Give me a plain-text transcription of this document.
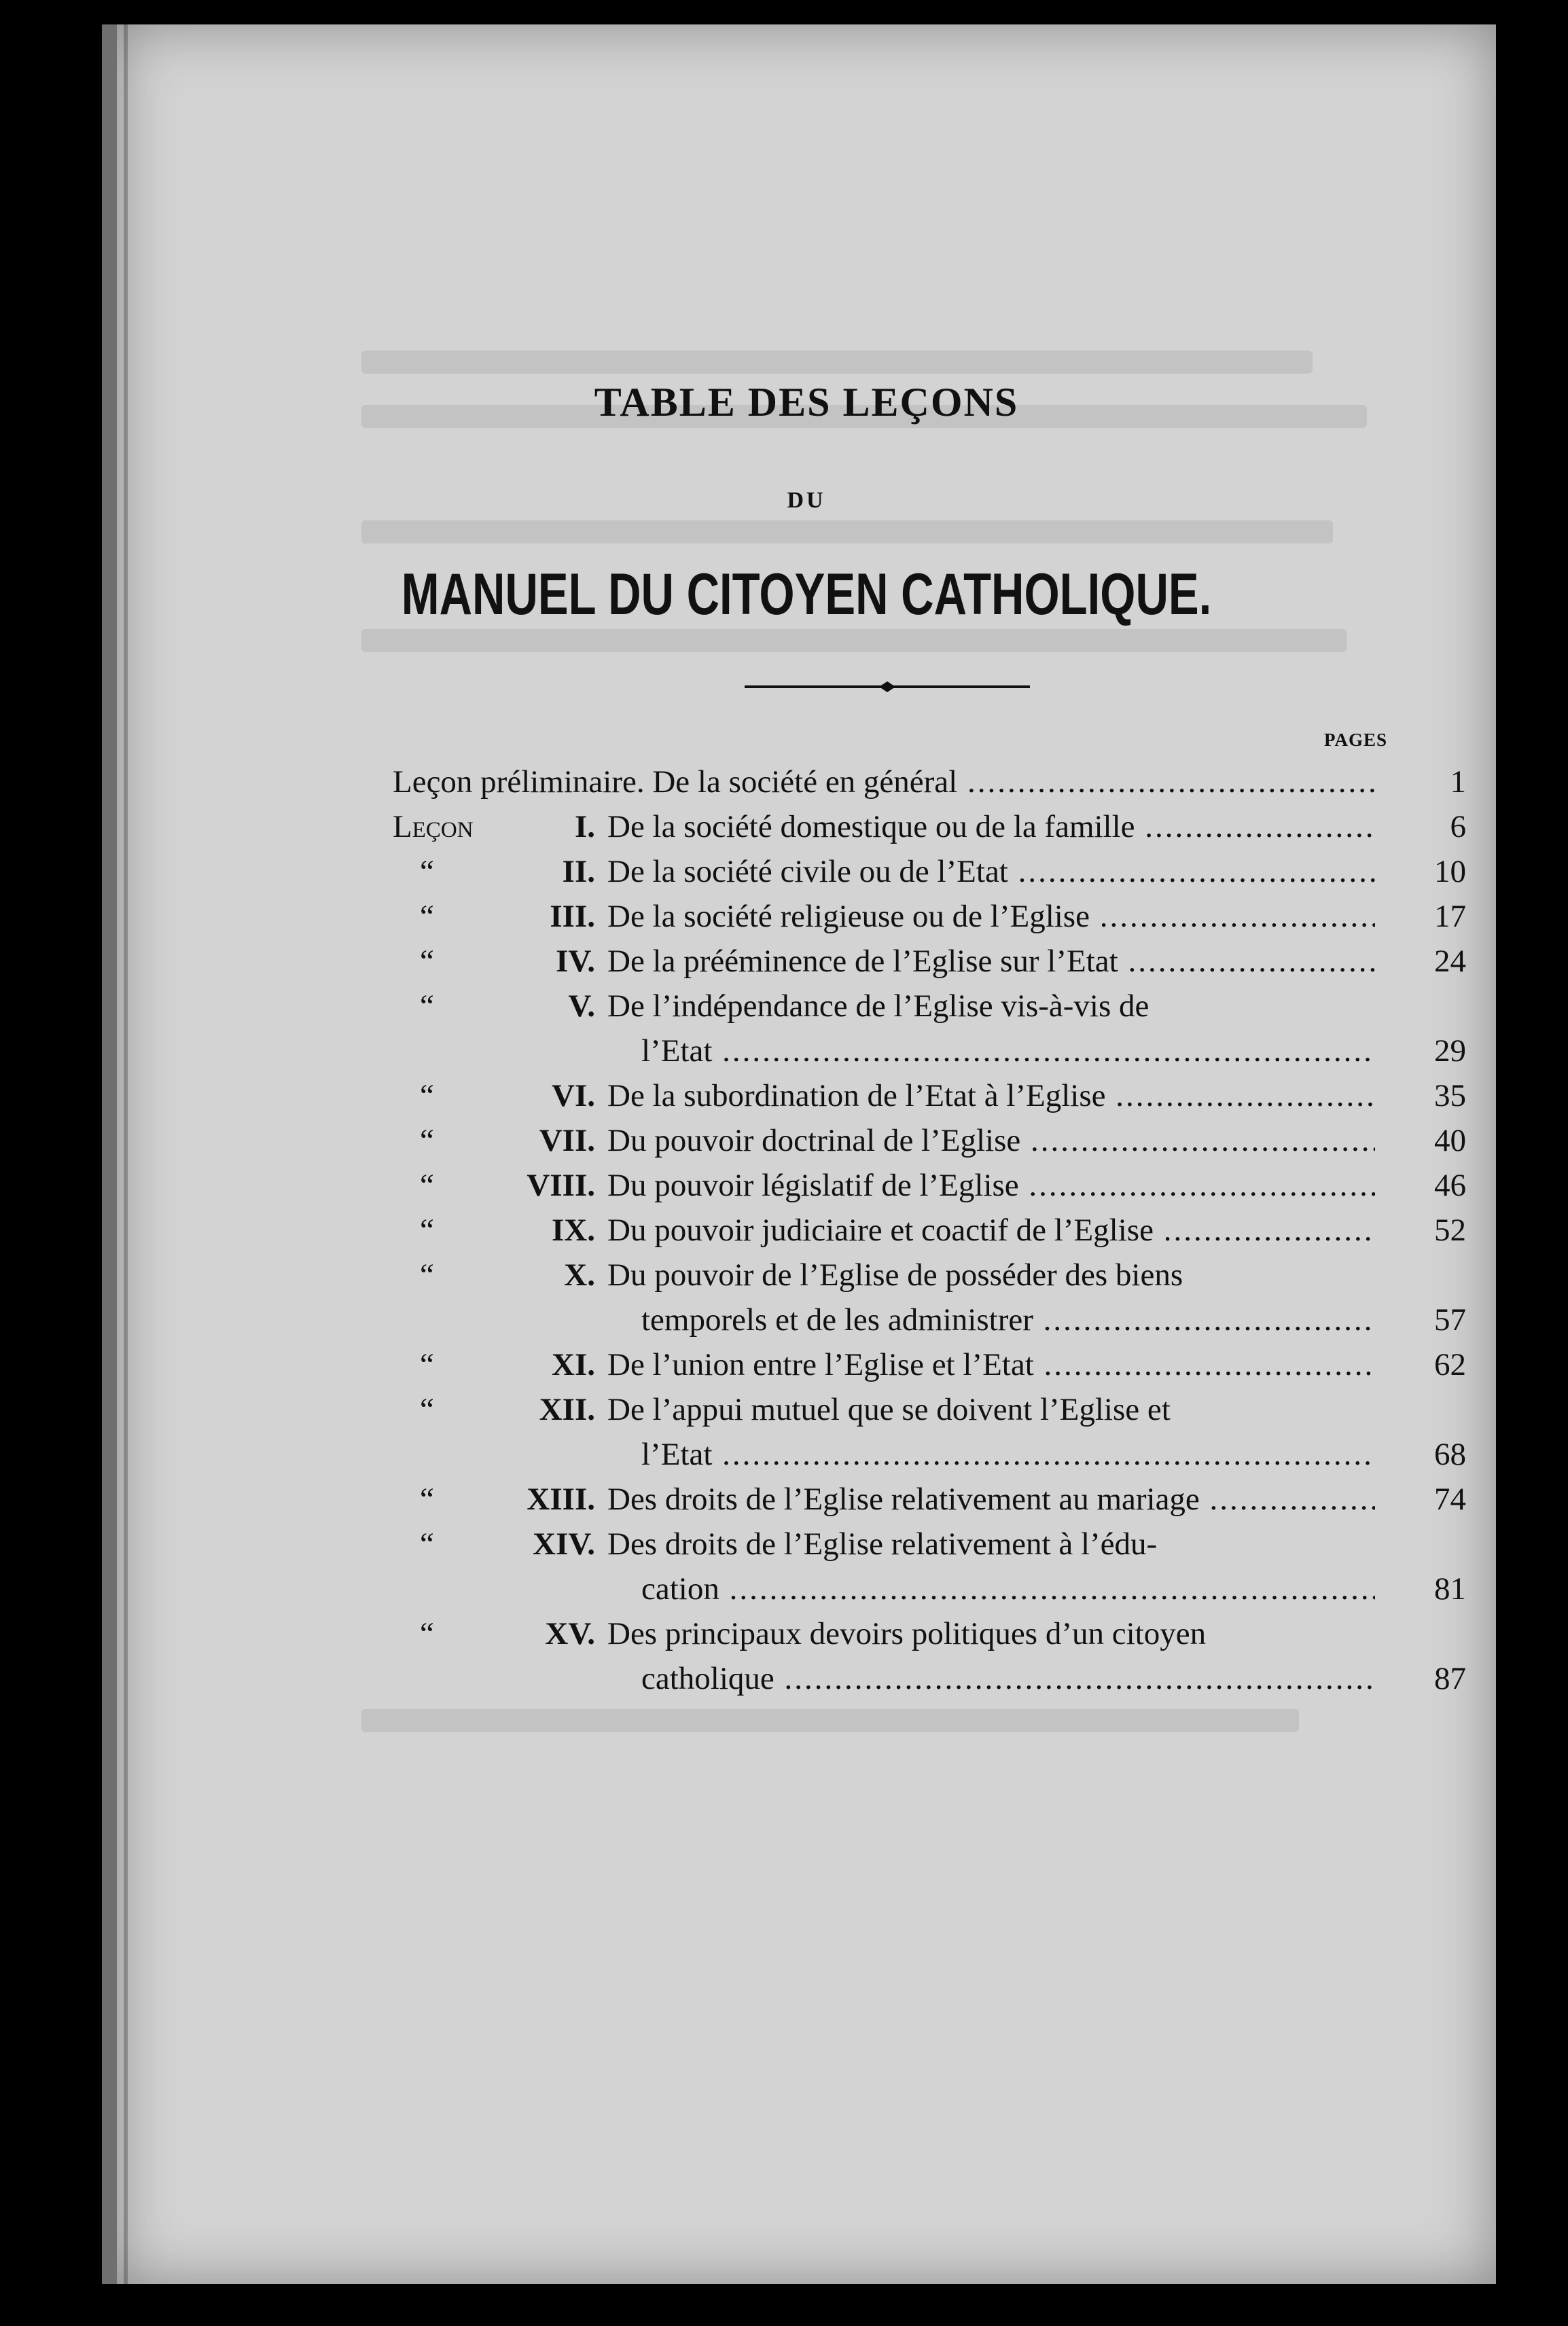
TABLE DES LEÇONS
DU
MANUEL DU CITOYEN CATHOLIQUE.
PAGES
Leçon préliminaire. De la société en général .....	1
Leçon	I. De la société domestique ou de la famille .....	6
“	II. De la société civile ou de l’Etat .....	10
“	III. De la société religieuse ou de l’Eglise .....	17
“	IV. De la prééminence de l’Eglise sur l’Etat .....	24
“	V. De l’indépendance de l’Eglise vis-à-vis de
l’Etat .....	29
“	VI. De la subordination de l’Etat à l’Eglise .....	35
“	VII. Du pouvoir doctrinal de l’Eglise .....	40
“	VIII. Du pouvoir législatif de l’Eglise .....	46
“	IX. Du pouvoir judiciaire et coactif de l’Eglise .....	52
“	X. Du pouvoir de l’Eglise de posséder des biens
temporels et de les administrer .....	57
“	XI. De l’union entre l’Eglise et l’Etat .....	62
“	XII. De l’appui mutuel que se doivent l’Eglise et
l’Etat .....	68
“	XIII. Des droits de l’Eglise relativement au mariage .....	74
“	XIV. Des droits de l’Eglise relativement à l’édu-
cation .....	81
“	XV. Des principaux devoirs politiques d’un citoyen
catholique .....	87
